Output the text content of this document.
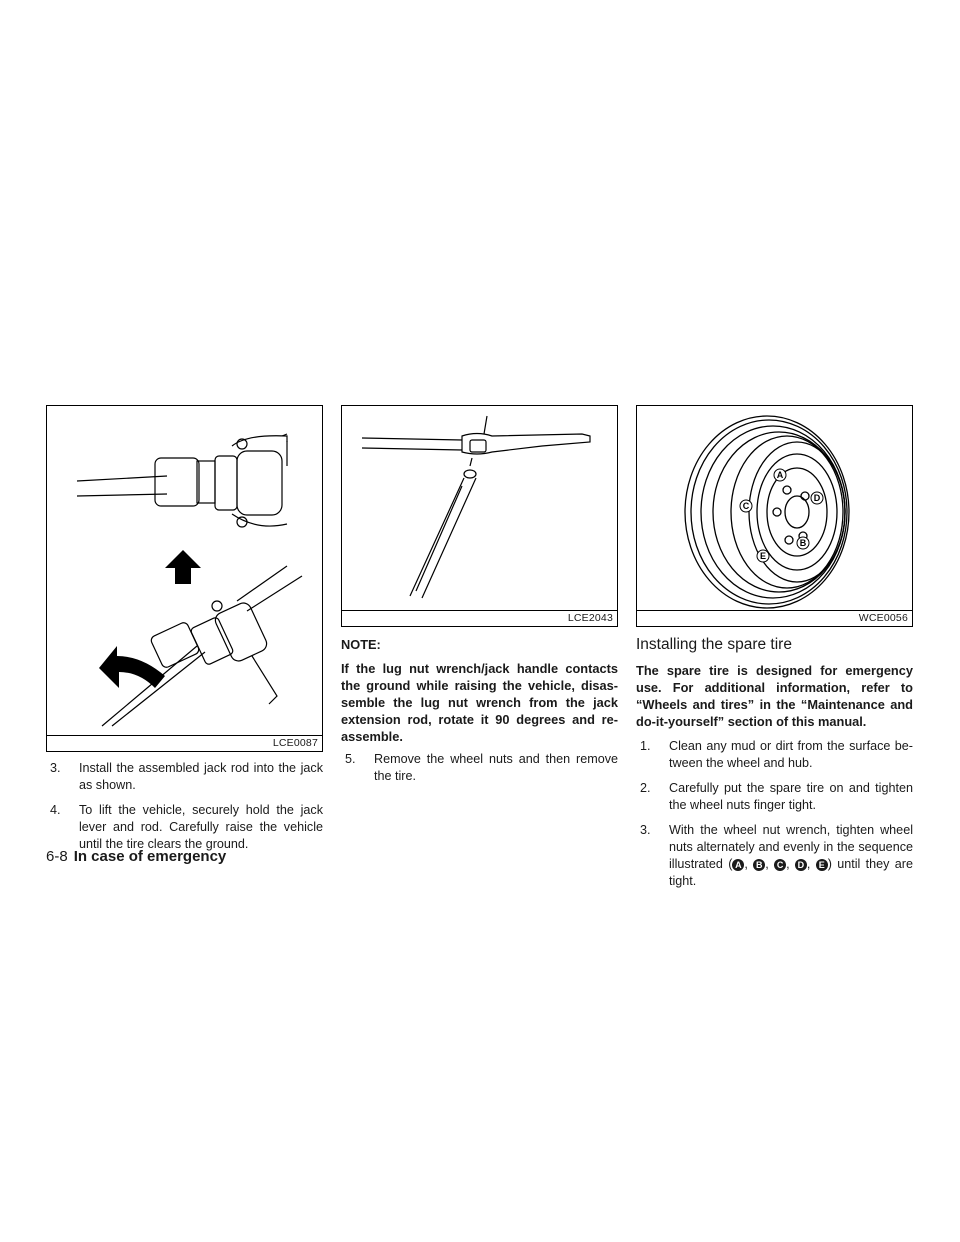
LCE0087
3. Install the assembled jack rod into the jack as shown.
4. To lift the vehicle, securely hold the jack lever and rod. Carefully raise the vehicle until the tire clears the ground.
LCE2043
NOTE:
If the lug nut wrench/jack handle contacts the ground while raising the vehicle, disas-semble the lug nut wrench from the jack extension rod, rotate it 90 degrees and re-assemble.
5. Remove the wheel nuts and then remove the tire.
A
B
C
D
E
WCE0056
Installing the spare tire
The spare tire is designed for emergency use. For additional information, refer to “Wheels and tires” in the “Maintenance and do-it-yourself” section of this manual.
1. Clean any mud or dirt from the surface be-tween the wheel and hub.
2. Carefully put the spare tire on and tighten the wheel nuts finger tight.
3. With the wheel nut wrench, tighten wheel nuts alternately and evenly in the sequence illustrated ( A , B , C , D , E ) until they are tight.
6-8 In case of emergency
